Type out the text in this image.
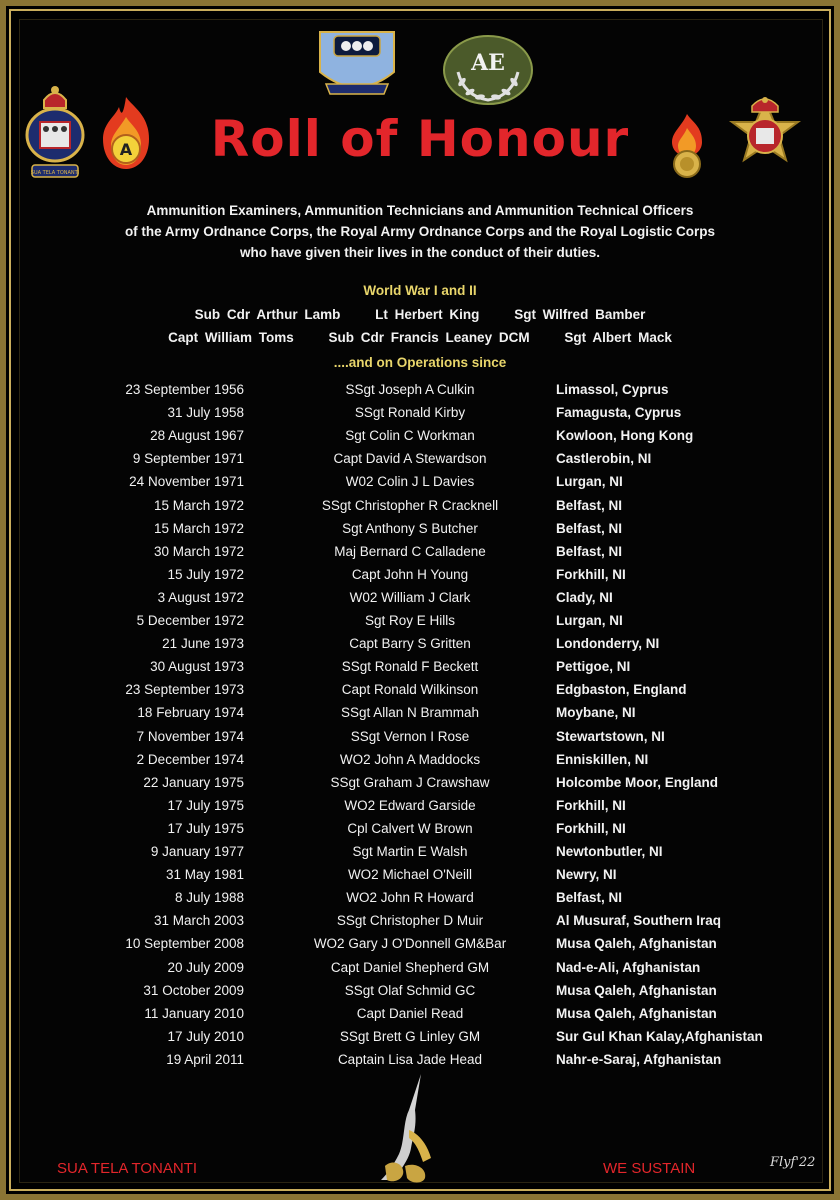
SUA TELA TONANTI
A
AE
Roll of Honour
Ammunition Examiners, Ammunition Technicians and Ammunition Technical Officers
of the Army Ordnance Corps, the Royal Army Ordnance Corps and the Royal Logistic Corps
who have given their lives in the conduct of their duties.
World War I and II
Sub Cdr Arthur Lamb	Lt Herbert King	Sgt Wilfred Bamber
Capt William Toms	Sub Cdr Francis Leaney DCM	Sgt Albert Mack
....and on Operations since
23 September 1956	SSgt Joseph A Culkin	Limassol, Cyprus
31 July 1958	SSgt Ronald Kirby	Famagusta, Cyprus
28 August 1967	Sgt Colin C Workman	Kowloon, Hong Kong
9 September 1971	Capt David A Stewardson	Castlerobin, NI
24 November 1971	W02 Colin J L Davies	Lurgan, NI
15 March 1972	SSgt Christopher R Cracknell	Belfast, NI
15 March 1972	Sgt Anthony S Butcher	Belfast, NI
30 March 1972	Maj Bernard C Calladene	Belfast, NI
15 July 1972	Capt John H Young	Forkhill, NI
3 August 1972	W02 William J Clark	Clady, NI
5 December 1972	Sgt Roy E Hills	Lurgan, NI
21 June 1973	Capt Barry S Gritten	Londonderry, NI
30 August 1973	SSgt Ronald F Beckett	Pettigoe, NI
23 September 1973	Capt Ronald Wilkinson	Edgbaston, England
18 February 1974	SSgt Allan N Brammah	Moybane, NI
7 November 1974	SSgt Vernon I Rose	Stewartstown, NI
2 December 1974	WO2 John A Maddocks	Enniskillen, NI
22 January 1975	SSgt Graham J Crawshaw	Holcombe Moor, England
17 July 1975	WO2 Edward Garside	Forkhill, NI
17 July 1975	Cpl Calvert W Brown	Forkhill, NI
9 January 1977	Sgt Martin E Walsh	Newtonbutler, NI
31 May 1981	WO2 Michael O'Neill	Newry, NI
8 July 1988	WO2 John R Howard	Belfast, NI
31 March 2003	SSgt Christopher D Muir	Al Musuraf, Southern Iraq
10 September 2008	WO2 Gary J O'Donnell GM&Bar	Musa Qaleh, Afghanistan
20 July 2009	Capt Daniel Shepherd GM	Nad-e-Ali, Afghanistan
31 October 2009	SSgt Olaf Schmid GC	Musa Qaleh, Afghanistan
11 January 2010	Capt Daniel Read	Musa Qaleh, Afghanistan
17 July 2010	SSgt Brett G Linley GM	Sur Gul Khan Kalay,Afghanistan
19 April 2011	Captain Lisa Jade Head	Nahr-e-Saraj, Afghanistan
SUA TELA TONANTI	WE SUSTAIN	Flyf'22
